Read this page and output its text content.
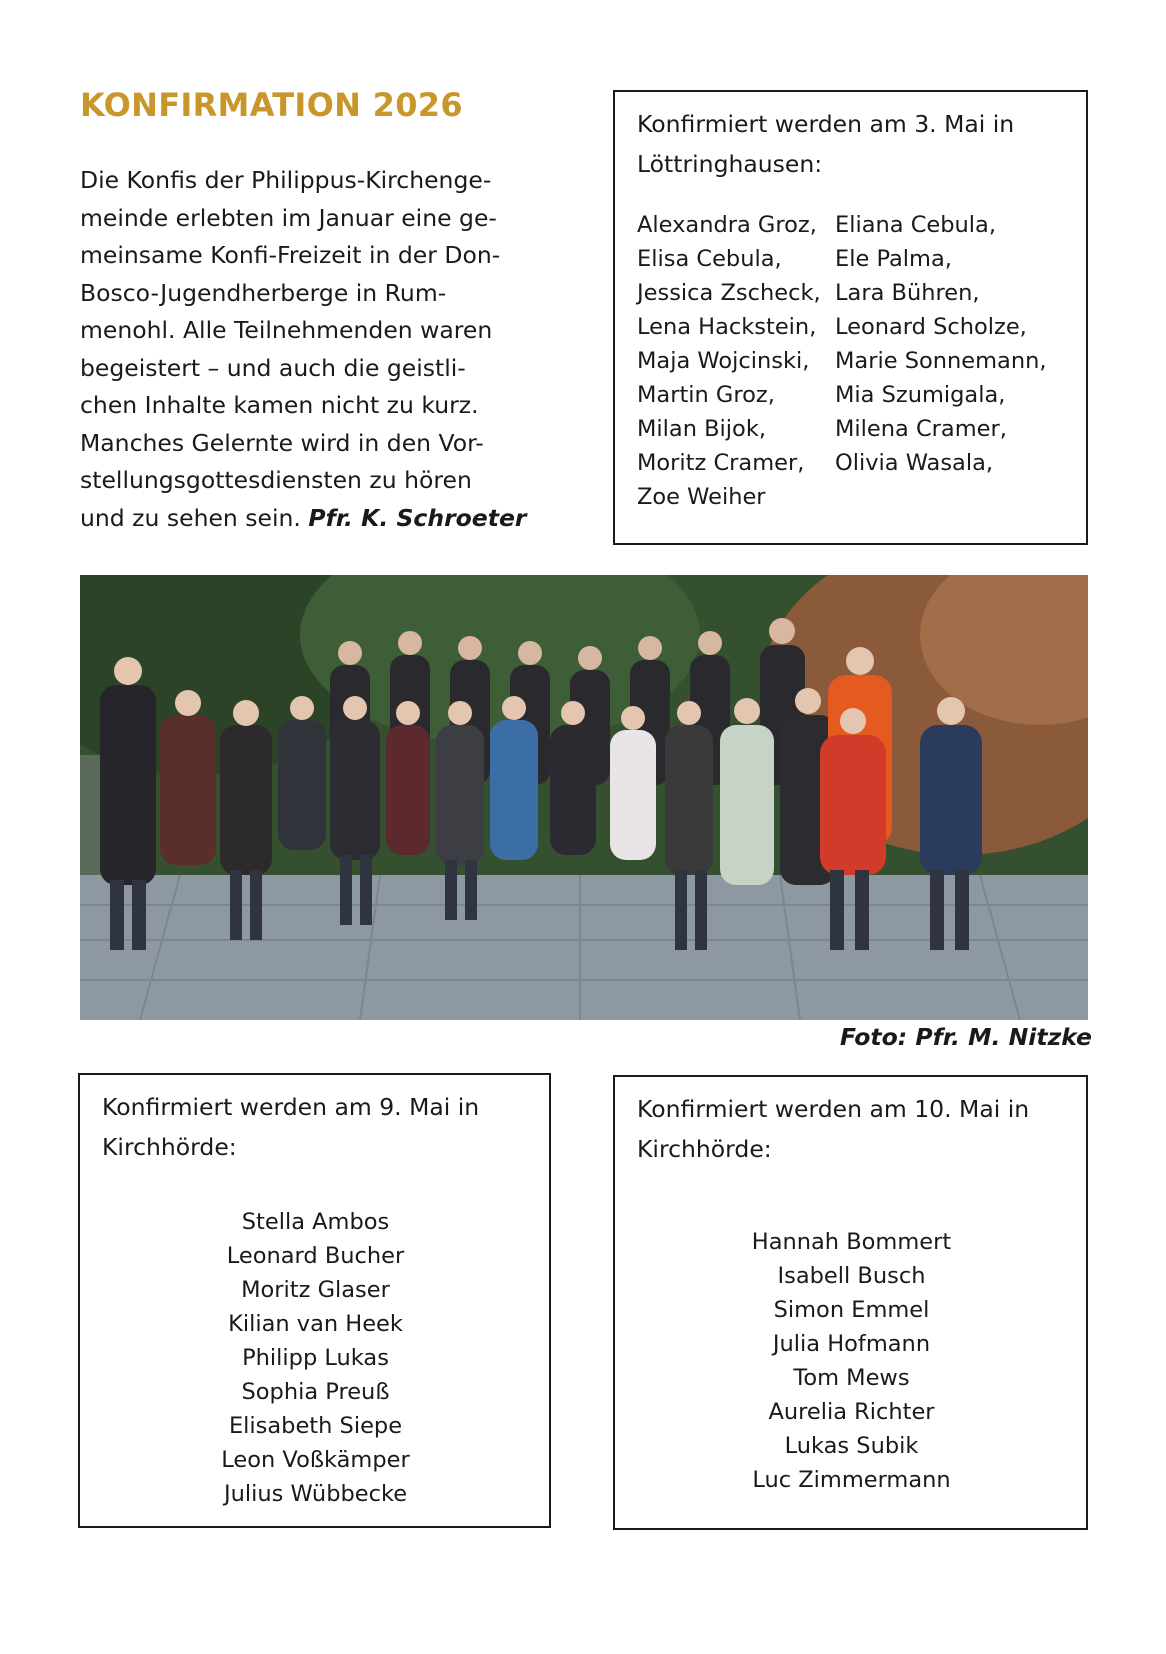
KONFIRMATION 2026

Die Konfis der Philippus-Kirchenge-
meinde erlebten im Januar eine ge-
meinsame Konfi-Freizeit in der Don-
Bosco-Jugendherberge in Rum-
menohl. Alle Teilnehmenden waren
begeistert – und auch die geistli-
chen Inhalte kamen nicht zu kurz.
Manches Gelernte wird in den Vor-
stellungsgottesdiensten zu hören
und zu sehen sein. Pfr. K. Schroeter

Konfirmiert werden am 3. Mai in
Löttringhausen:

Alexandra Groz, Eliana Cebula,
Elisa Cebula,	Ele Palma,
Jessica Zscheck, Lara Bühren,
Lena Hackstein, Leonard Scholze,
Maja Wojcinski,	Marie Sonnemann,
Martin Groz,	Mia Szumigala,
Milan Bijok,	Milena Cramer,
Moritz Cramer,	Olivia Wasala,
Zoe Weiher

Foto: Pfr. M. Nitzke

Konfirmiert werden am 9. Mai in
Kirchhörde:

Stella Ambos
Leonard Bucher
Moritz Glaser
Kilian van Heek
Philipp Lukas
Sophia Preuß
Elisabeth Siepe
Leon Voßkämper
Julius Wübbecke

Konfirmiert werden am 10. Mai in
Kirchhörde:

Hannah Bommert
Isabell Busch
Simon Emmel
Julia Hofmann
Tom Mews
Aurelia Richter
Lukas Subik
Luc Zimmermann
